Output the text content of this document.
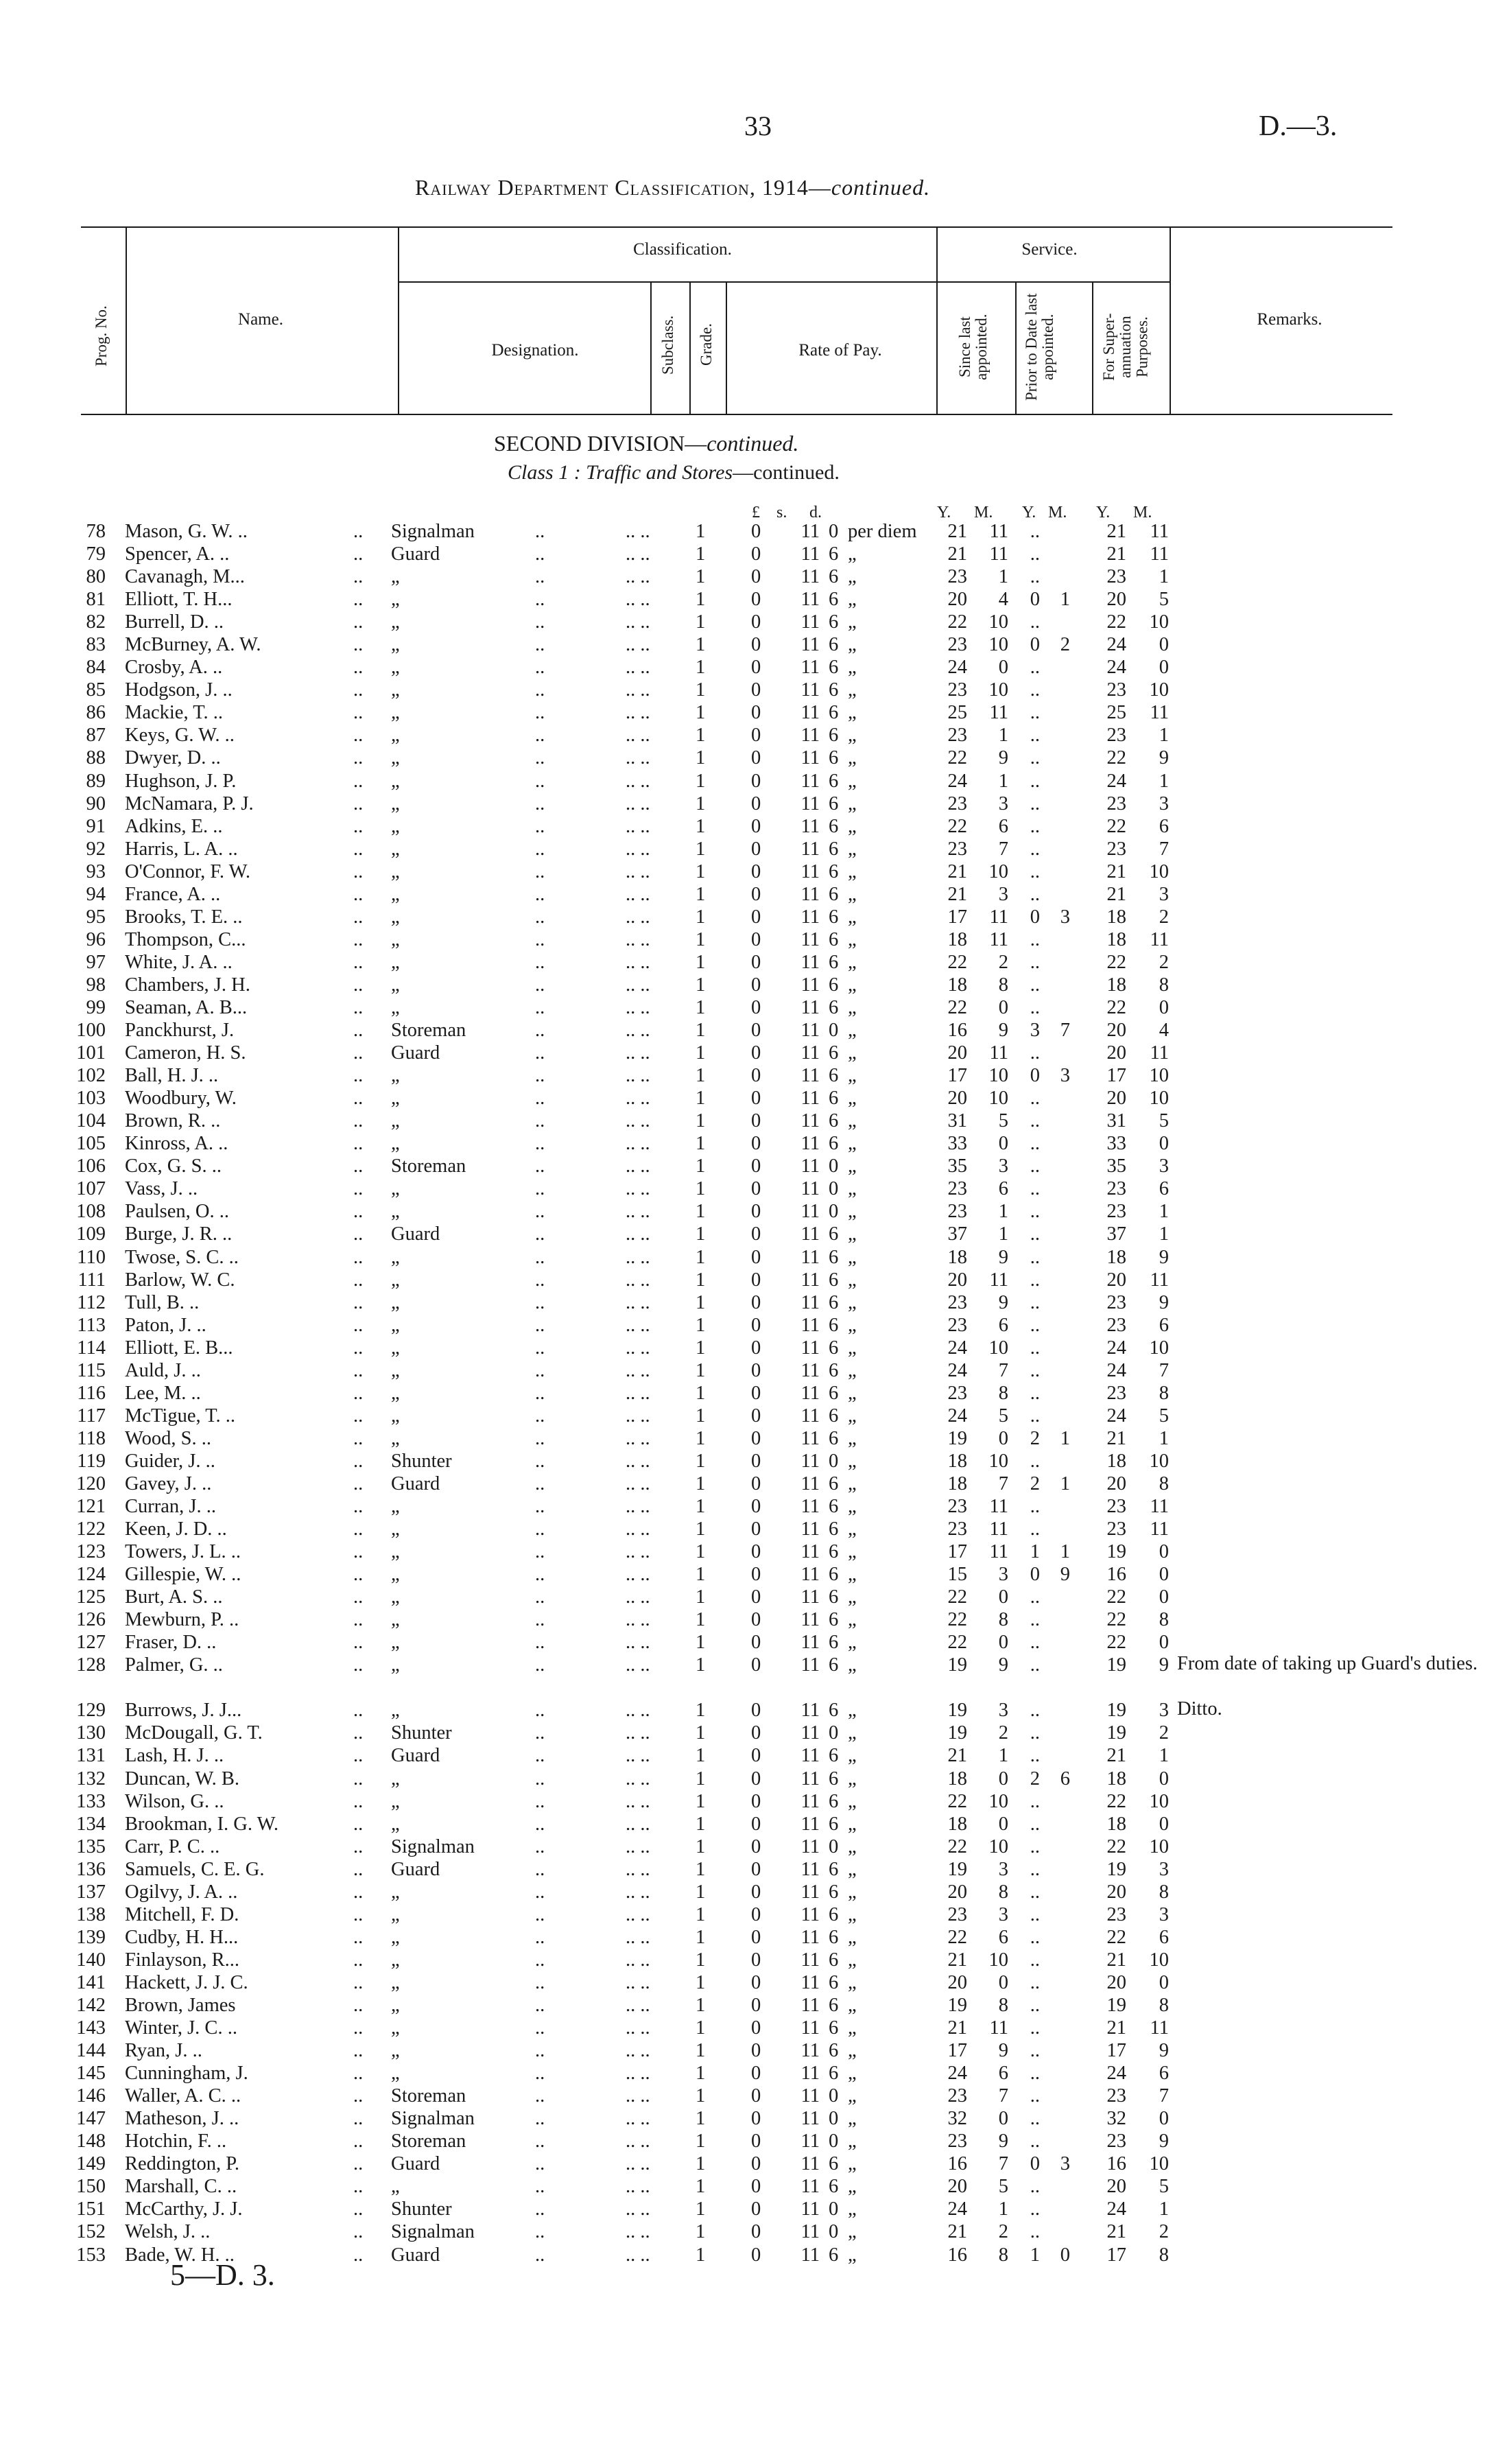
33	D.—3.
Railway Department Classification, 1914—continued.
Prog. No.	Name.
Classification.
Designation.	Subclass. Grade.	Rate of Pay.
Service.
Since last appointed.	Prior to Date last appointed.	For Super-annuation Purposes.	Remarks.
SECOND DIVISION—continued.
Class 1 : Traffic and Stores—continued.
£ s. d.	Y. M. Y. M. Y. M.
78 Mason, G. W. ..	.. Signalman	..	.. .. 1 0	11 0 per diem	21	11	..	21	11
79 Spencer, A. ..	.. Guard	..	.. .. 1 0	11 6 „	21	11	..	21	11
80 Cavanagh, M...	.. „	..	.. .. 1 0	11 6 „	23	1	..	23	1
81 Elliott, T. H...	.. „	..	.. .. 1 0	11 6 „	20	4	0	1	20	5
82 Burrell, D. ..	.. „	..	.. .. 1 0	11 6 „	22	10	..	22	10
83 McBurney, A. W.	.. „	..	.. .. 1 0	11 6 „	23	10	0	2	24	0
84 Crosby, A. ..	.. „	..	.. .. 1 0	11 6 „	24	0	..	24	0
85 Hodgson, J. ..	.. „	..	.. .. 1 0	11 6 „	23	10	..	23	10
86 Mackie, T. ..	.. „	..	.. .. 1 0	11 6 „	25	11	..	25	11
87 Keys, G. W. ..	.. „	..	.. .. 1 0	11 6 „	23	1	..	23	1
88 Dwyer, D. ..	.. „	..	.. .. 1 0	11 6 „	22	9	..	22	9
89 Hughson, J. P.	.. „	..	.. .. 1 0	11 6 „	24	1	..	24	1
90 McNamara, P. J.	.. „	..	.. .. 1 0	11 6 „	23	3	..	23	3
91 Adkins, E. ..	.. „	..	.. .. 1 0	11 6 „	22	6	..	22	6
92 Harris, L. A. ..	.. „	..	.. .. 1 0	11 6 „	23	7	..	23	7
93 O'Connor, F. W.	.. „	..	.. .. 1 0	11 6 „	21	10	..	21	10
94 France, A. ..	.. „	..	.. .. 1 0	11 6 „	21	3	..	21	3
95 Brooks, T. E. ..	.. „	..	.. .. 1 0	11 6 „	17	11	0	3	18	2
96 Thompson, C...	.. „	..	.. .. 1 0	11 6 „	18	11	..	18	11
97 White, J. A. ..	.. „	..	.. .. 1 0	11 6 „	22	2	..	22	2
98 Chambers, J. H.	.. „	..	.. .. 1 0	11 6 „	18	8	..	18	8
99 Seaman, A. B...	.. „	..	.. .. 1 0	11 6 „	22	0	..	22	0
100 Panckhurst, J.	.. Storeman	..	.. .. 1 0	11 0 „	16	9	3	7	20	4
101 Cameron, H. S.	.. Guard	..	.. .. 1 0	11 6 „	20	11	..	20	11
102 Ball, H. J. ..	.. „	..	.. .. 1 0	11 6 „	17	10	0	3	17	10
103 Woodbury, W.	.. „	..	.. .. 1 0	11 6 „	20	10	..	20	10
104 Brown, R. ..	.. „	..	.. .. 1 0	11 6 „	31	5	..	31	5
105 Kinross, A. ..	.. „	..	.. .. 1 0	11 6 „	33	0	..	33	0
106 Cox, G. S. ..	.. Storeman	..	.. .. 1 0	11 0 „	35	3	..	35	3
107 Vass, J. ..	.. „	..	.. .. 1 0	11 0 „	23	6	..	23	6
108 Paulsen, O. ..	.. „	..	.. .. 1 0	11 0 „	23	1	..	23	1
109 Burge, J. R. ..	.. Guard	..	.. .. 1 0	11 6 „	37	1	..	37	1
110 Twose, S. C. ..	.. „	..	.. .. 1 0	11 6 „	18	9	..	18	9
111 Barlow, W. C.	.. „	..	.. .. 1 0	11 6 „	20	11	..	20	11
112 Tull, B. ..	.. „	..	.. .. 1 0	11 6 „	23	9	..	23	9
113 Paton, J. ..	.. „	..	.. .. 1 0	11 6 „	23	6	..	23	6
114 Elliott, E. B...	.. „	..	.. .. 1 0	11 6 „	24	10	..	24	10
115 Auld, J. ..	.. „	..	.. .. 1 0	11 6 „	24	7	..	24	7
116 Lee, M. ..	.. „	..	.. .. 1 0	11 6 „	23	8	..	23	8
117 McTigue, T. ..	.. „	..	.. .. 1 0	11 6 „	24	5	..	24	5
118 Wood, S. ..	.. „	..	.. .. 1 0	11 6 „	19	0	2	1	21	1
119 Guider, J. ..	.. Shunter	..	.. .. 1 0	11 0 „	18	10	..	18	10
120 Gavey, J. ..	.. Guard	..	.. .. 1 0	11 6 „	18	7	2	1	20	8
121 Curran, J. ..	.. „	..	.. .. 1 0	11 6 „	23	11	..	23	11
122 Keen, J. D. ..	.. „	..	.. .. 1 0	11 6 „	23	11	..	23	11
123 Towers, J. L. ..	.. „	..	.. .. 1 0	11 6 „	17	11	1	1	19	0
124 Gillespie, W. ..	.. „	..	.. .. 1 0	11 6 „	15	3	0	9	16	0
125 Burt, A. S. ..	.. „	..	.. .. 1 0	11 6 „	22	0	..	22	0
126 Mewburn, P. ..	.. „	..	.. .. 1 0	11 6 „	22	8	..	22	8
127 Fraser, D. ..	.. „	..	.. .. 1 0	11 6 „	22	0	..	22	0
128 Palmer, G. ..	.. „	..	.. .. 1 0	11 6 „	19	9	..	19	9 From date of taking up Guard's duties.
129 Burrows, J. J...	.. „	..	.. .. 1 0	11 6 „	19	3	..	19	3 Ditto.
130 McDougall, G. T.	.. Shunter	..	.. .. 1 0	11 0 „	19	2	..	19	2
131 Lash, H. J. ..	.. Guard	..	.. .. 1 0	11 6 „	21	1	..	21	1
132 Duncan, W. B.	.. „	..	.. .. 1 0	11 6 „	18	0	2	6	18	0
133 Wilson, G. ..	.. „	..	.. .. 1 0	11 6 „	22	10	..	22	10
134 Brookman, I. G. W.	.. „	..	.. .. 1 0	11 6 „	18	0	..	18	0
135 Carr, P. C. ..	.. Signalman	..	.. .. 1 0	11 0 „	22	10	..	22	10
136 Samuels, C. E. G.	.. Guard	..	.. .. 1 0	11 6 „	19	3	..	19	3
137 Ogilvy, J. A. ..	.. „	..	.. .. 1 0	11 6 „	20	8	..	20	8
138 Mitchell, F. D.	.. „	..	.. .. 1 0	11 6 „	23	3	..	23	3
139 Cudby, H. H...	.. „	..	.. .. 1 0	11 6 „	22	6	..	22	6
140 Finlayson, R...	.. „	..	.. .. 1 0	11 6 „	21	10	..	21	10
141 Hackett, J. J. C.	.. „	..	.. .. 1 0	11 6 „	20	0	..	20	0
142 Brown, James	.. „	..	.. .. 1 0	11 6 „	19	8	..	19	8
143 Winter, J. C. ..	.. „	..	.. .. 1 0	11 6 „	21	11	..	21	11
144 Ryan, J. ..	.. „	..	.. .. 1 0	11 6 „	17	9	..	17	9
145 Cunningham, J.	.. „	..	.. .. 1 0	11 6 „	24	6	..	24	6
146 Waller, A. C. ..	.. Storeman	..	.. .. 1 0	11 0 „	23	7	..	23	7
147 Matheson, J. ..	.. Signalman	..	.. .. 1 0	11 0 „	32	0	..	32	0
148 Hotchin, F. ..	.. Storeman	..	.. .. 1 0	11 0 „	23	9	..	23	9
149 Reddington, P.	.. Guard	..	.. .. 1 0	11 6 „	16	7	0	3	16	10
150 Marshall, C. ..	.. „	..	.. .. 1 0	11 6 „	20	5	..	20	5
151 McCarthy, J. J.	.. Shunter	..	.. .. 1 0	11 0 „	24	1	..	24	1
152 Welsh, J. ..	.. Signalman	..	.. .. 1 0	11 0 „	21	2	..	21	2
153 Bade, W. H. ..	.. Guard	..	.. .. 1 0	11 6 „	16	8	1	0	17	8
5—D. 3.
